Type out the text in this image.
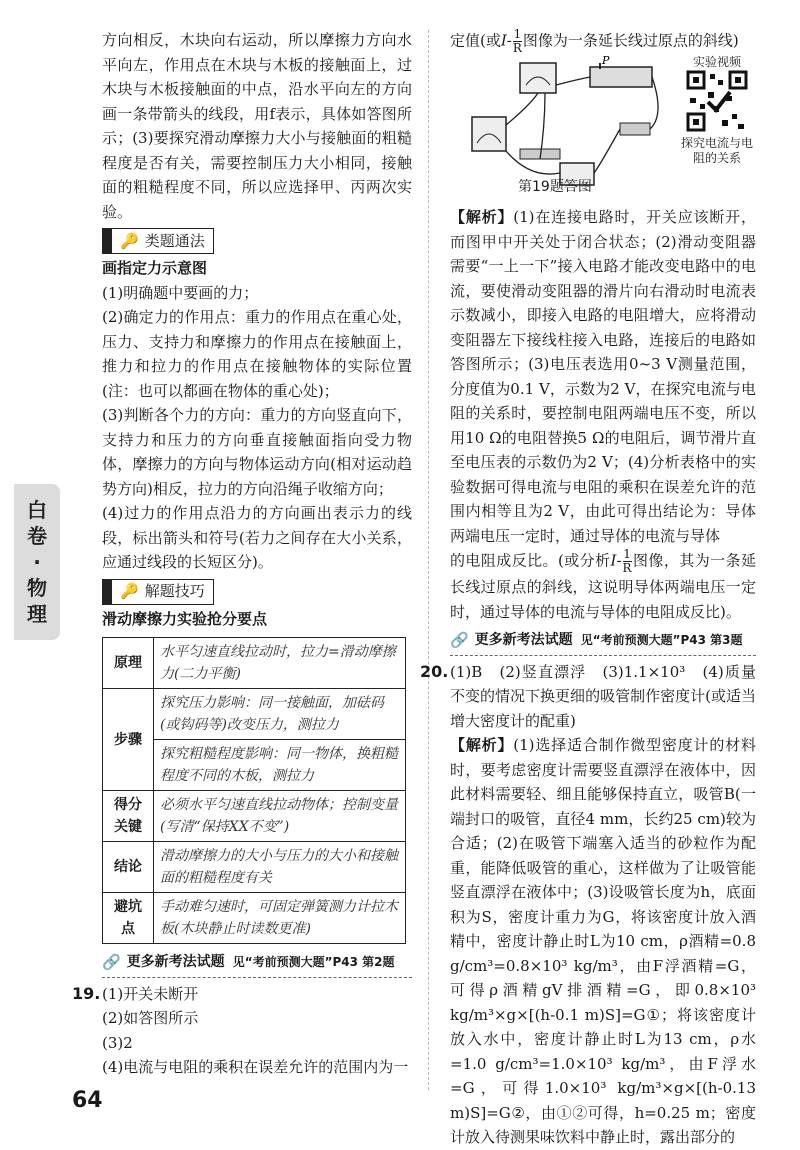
白
卷
·
物
理

方向相反，木块向右运动，所以摩擦力方向水平向左，作用点在木块与木板的接触面上，过木块与木板接触面的中点，沿水平向左的方向画一条带箭头的线段，用f表示，具体如答图所示；(3)要探究滑动摩擦力大小与接触面的粗糙程度是否有关，需要控制压力大小相同，接触面的粗糙程度不同，所以应选择甲、丙两次实验。

🔑 类题通法
画指定力示意图

(1)明确题中要画的力；

(2)确定力的作用点：重力的作用点在重心处，压力、支持力和摩擦力的作用点在接触面上，推力和拉力的作用点在接触物体的实际位置(注：也可以都画在物体的重心处)；

(3)判断各个力的方向：重力的方向竖直向下，支持力和压力的方向垂直接触面指向受力物体，摩擦力的方向与物体运动方向(相对运动趋势方向)相反，拉力的方向沿绳子收缩方向；

(4)过力的作用点沿力的方向画出表示力的线段，标出箭头和符号(若力之间存在大小关系，应通过线段的长短区分)。

🔑 解题技巧
滑动摩擦力实验抢分要点
原理	水平匀速直线拉动时，拉力=滑动摩擦力(二力平衡)
步骤	探究压力影响：同一接触面，加砝码(或钩码等)改变压力，测拉力
	探究粗糙程度影响：同一物体，换粗糙程度不同的木板，测拉力
得分关键	必须水平匀速直线拉动物体；控制变量(写清“保持XX不变”)
结论	滑动摩擦力的大小与压力的大小和接触面的粗糙程度有关
避坑点	手动难匀速时，可固定弹簧测力计拉木板(木块静止时读数更准)
🔗 更多新考法试题 见“考前预测大题”P43 第2题
19. (1)开关未断开

(2)如答图所示

(3)2

(4)电流与电阻的乘积在误差允许的范围内为一

定值(或$I- \frac{1}{R}$ 图像为一条延长线过原点的斜线)

P
第19题答图
实验视频
探究电流与电阻的关系

【解析】(1)在连接电路时，开关应该断开，而图甲中开关处于闭合状态；(2)滑动变阻器需要“一上一下”接入电路才能改变电路中的电流，要使滑动变阻器的滑片向右滑动时电流表示数减小，即接入电路的电阻增大，应将滑动变阻器左下接线柱接入电路，连接后的电路如答图所示；(3)电压表选用0~3 V测量范围，分度值为0.1 V，示数为2 V，在探究电流与电阻的关系时，要控制电阻两端电压不变，所以用10 Ω的电阻替换5 Ω的电阻后，调节滑片直至电压表的示数仍为2 V；(4)分析表格中的实验数据可得电流与电阻的乘积在误差允许的范围内相等且为2 V，由此可得出结论为：导体两端电压一定时，通过导体的电流与导体

的电阻成反比。(或分析$I- \frac{1}{R}$ 图像，其为一条延长线过原点的斜线，这说明导体两端电压一定时，通过导体的电流与导体的电阻成反比)。

🔗 更多新考法试题 见“考前预测大题”P43 第3题
20. (1)B　(2)竖直漂浮　(3)1.1×10³　(4)质量不变的情况下换更细的吸管制作密度计(或适当增大密度计的配重)

【解析】(1)选择适合制作微型密度计的材料时，要考虑密度计需要竖直漂浮在液体中，因此材料需要轻、细且能够保持直立，吸管B(一端封口的吸管，直径4 mm，长约25 cm)较为合适；(2)在吸管下端塞入适当的砂粒作为配重，能降低吸管的重心，这样做为了让吸管能竖直漂浮在液体中；(3)设吸管长度为h，底面积为S，密度计重力为G，将该密度计放入酒精中，密度计静止时L为10 cm，ρ酒精=0.8 g/cm³=0.8×10³ kg/m³，由F浮酒精=G，可得ρ酒精gV排酒精=G，即0.8×10³ kg/m³×g×[(h-0.1 m)S]=G①；将该密度计放入水中，密度计静止时L为13 cm，ρ水=1.0 g/cm³=1.0×10³ kg/m³，由F浮水=G，可得1.0×10³ kg/m³×g×[(h-0.13 m)S]=G②，由①②可得，h=0.25 m；密度计放入待测果味饮料中静止时，露出部分的

64
